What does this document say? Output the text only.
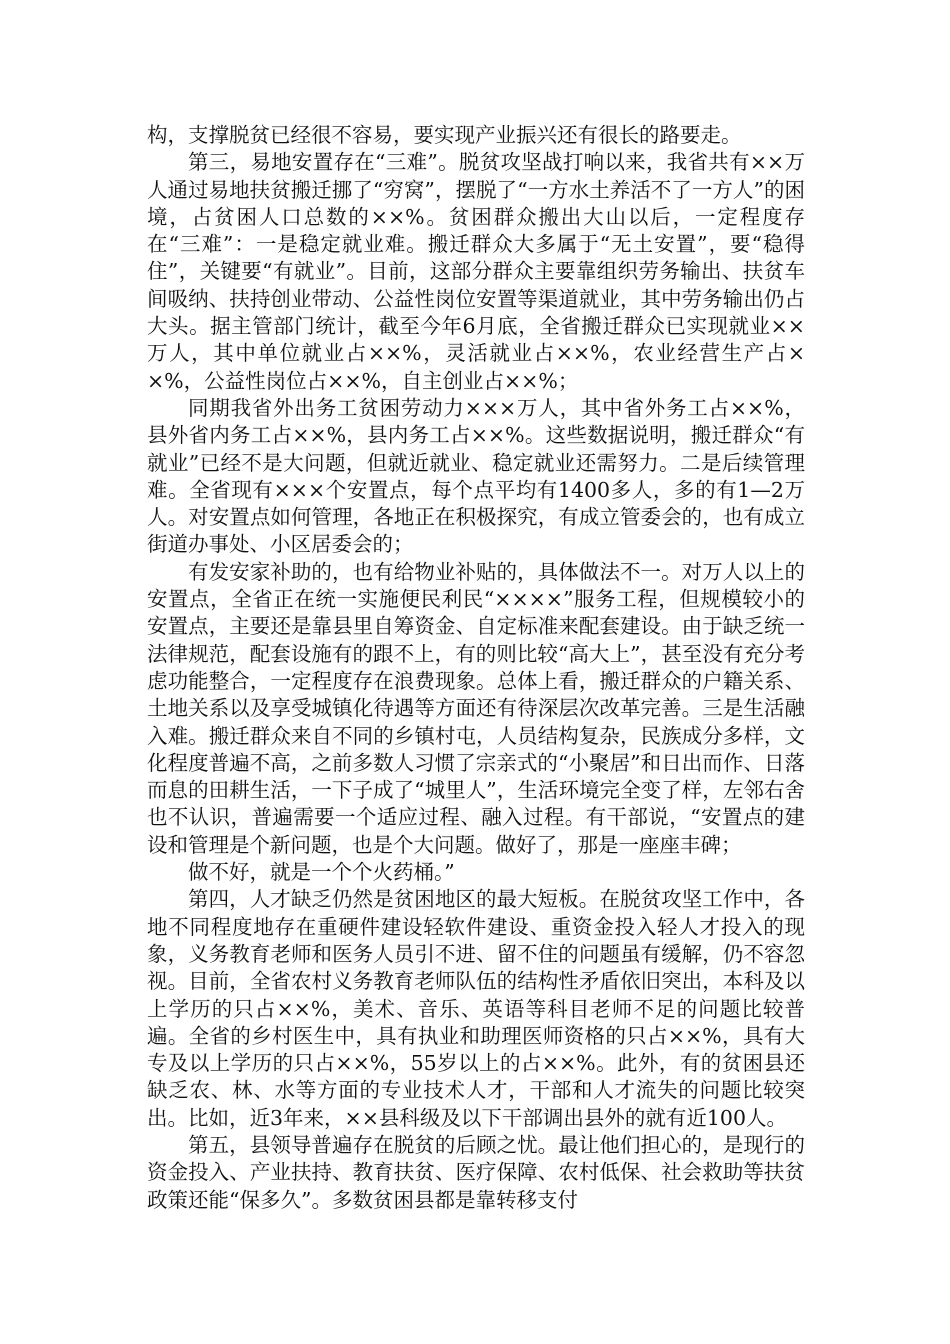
构，支撑脱贫已经很不容易，要实现产业振兴还有很长的路要走。

第三，易地安置存在“三难”。脱贫攻坚战打响以来，我省共有××万人通过易地扶贫搬迁挪了“穷窝”，摆脱了“一方水土养活不了一方人”的困境，占贫困人口总数的××%。贫困群众搬出大山以后，一定程度存在“三难”：一是稳定就业难。搬迁群众大多属于“无土安置”，要“稳得住”，关键要“有就业”。目前，这部分群众主要靠组织劳务输出、扶贫车间吸纳、扶持创业带动、公益性岗位安置等渠道就业，其中劳务输出仍占大头。据主管部门统计，截至今年6月底，全省搬迁群众已实现就业××万人，其中单位就业占××%，灵活就业占××%，农业经营生产占××%，公益性岗位占××%，自主创业占××%；

同期我省外出务工贫困劳动力×××万人，其中省外务工占××%，县外省内务工占××%，县内务工占××%。这些数据说明，搬迁群众“有就业”已经不是大问题，但就近就业、稳定就业还需努力。二是后续管理难。全省现有×××个安置点，每个点平均有1400多人，多的有1—2万人。对安置点如何管理，各地正在积极探究，有成立管委会的，也有成立街道办事处、小区居委会的；

有发安家补助的，也有给物业补贴的，具体做法不一。对万人以上的安置点，全省正在统一实施便民利民“××××”服务工程，但规模较小的安置点，主要还是靠县里自筹资金、自定标准来配套建设。由于缺乏统一法律规范，配套设施有的跟不上，有的则比较“高大上”，甚至没有充分考虑功能整合，一定程度存在浪费现象。总体上看，搬迁群众的户籍关系、土地关系以及享受城镇化待遇等方面还有待深层次改革完善。三是生活融入难。搬迁群众来自不同的乡镇村屯，人员结构复杂，民族成分多样，文化程度普遍不高，之前多数人习惯了宗亲式的“小聚居”和日出而作、日落而息的田耕生活，一下子成了“城里人”，生活环境完全变了样，左邻右舍也不认识，普遍需要一个适应过程、融入过程。有干部说，“安置点的建设和管理是个新问题，也是个大问题。做好了，那是一座座丰碑；

做不好，就是一个个火药桶。”

第四，人才缺乏仍然是贫困地区的最大短板。在脱贫攻坚工作中，各地不同程度地存在重硬件建设轻软件建设、重资金投入轻人才投入的现象，义务教育老师和医务人员引不进、留不住的问题虽有缓解，仍不容忽视。目前，全省农村义务教育老师队伍的结构性矛盾依旧突出，本科及以上学历的只占××%，美术、音乐、英语等科目老师不足的问题比较普遍。全省的乡村医生中，具有执业和助理医师资格的只占××%，具有大专及以上学历的只占××%，55岁以上的占××%。此外，有的贫困县还缺乏农、林、水等方面的专业技术人才，干部和人才流失的问题比较突出。比如，近3年来，××县科级及以下干部调出县外的就有近100人。

第五，县领导普遍存在脱贫的后顾之忧。最让他们担心的，是现行的资金投入、产业扶持、教育扶贫、医疗保障、农村低保、社会救助等扶贫政策还能“保多久”。多数贫困县都是靠转移支付
